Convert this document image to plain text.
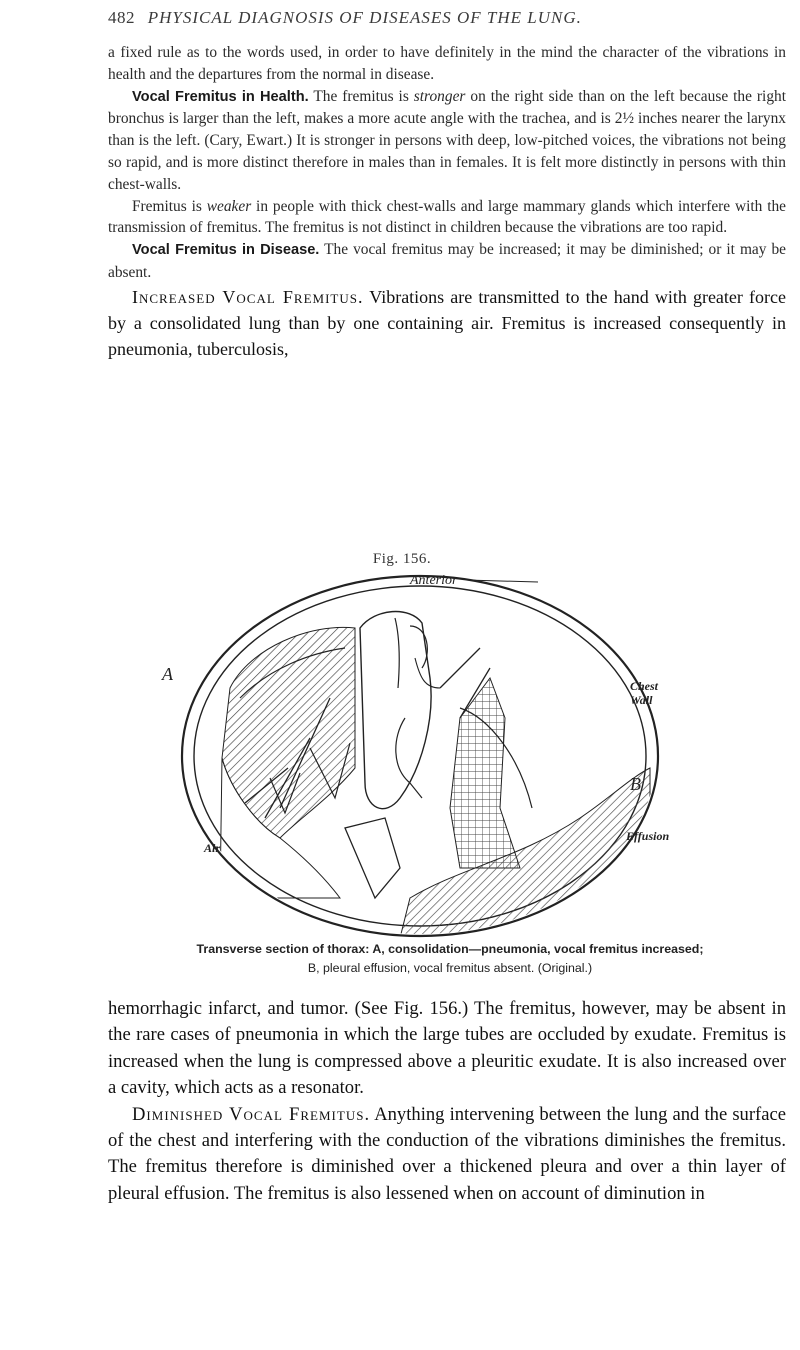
482 PHYSICAL DIAGNOSIS OF DISEASES OF THE LUNG.

a fixed rule as to the words used, in order to have definitely in the mind the character of the vibrations in health and the departures from the normal in disease.

Vocal Fremitus in Health. The fremitus is stronger on the right side than on the left because the right bronchus is larger than the left, makes a more acute angle with the trachea, and is 2½ inches nearer the larynx than is the left. (Cary, Ewart.) It is stronger in persons with deep, low-pitched voices, the vibrations not being so rapid, and is more distinct therefore in males than in females. It is felt more distinctly in persons with thin chest-walls.

Fremitus is weaker in people with thick chest-walls and large mammary glands which interfere with the transmission of fremitus. The fremitus is not distinct in children because the vibrations are too rapid.

Vocal Fremitus in Disease. The vocal fremitus may be increased; it may be diminished; or it may be absent.

Increased Vocal Fremitus. Vibrations are transmitted to the hand with greater force by a consolidated lung than by one containing air. Fremitus is increased consequently in pneumonia, tuberculosis,

Fig. 156.
Anterior
A
B
Chest Wall
Air
Effusion
Transverse section of thorax: A, consolidation—pneumonia, vocal fremitus increased;
B, pleural effusion, vocal fremitus absent. (Original.)

hemorrhagic infarct, and tumor. (See Fig. 156.) The fremitus, however, may be absent in the rare cases of pneumonia in which the large tubes are occluded by exudate. Fremitus is increased when the lung is compressed above a pleuritic exudate. It is also increased over a cavity, which acts as a resonator.

Diminished Vocal Fremitus. Anything intervening between the lung and the surface of the chest and interfering with the conduction of the vibrations diminishes the fremitus. The fremitus therefore is diminished over a thickened pleura and over a thin layer of pleural effusion. The fremitus is also lessened when on account of diminution in
